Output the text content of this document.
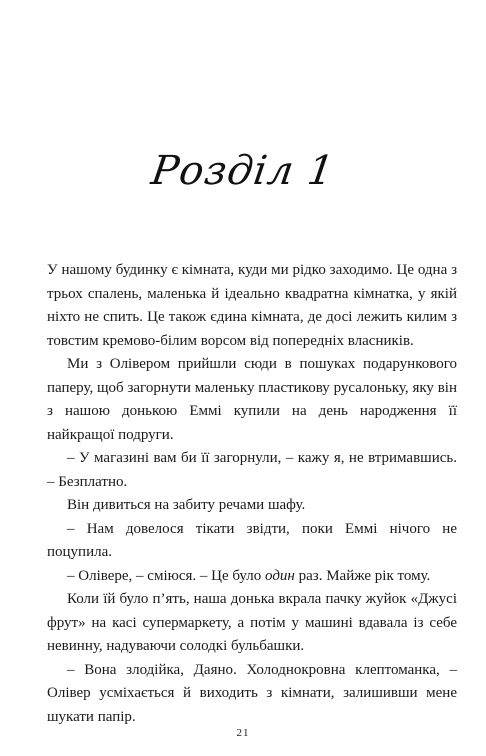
Розділ 1

У нашому будинку є кімната, куди ми рідко заходимо. Це одна з трьох спалень, маленька й ідеально квадратна кімнатка, у якій ніхто не спить. Це також єдина кімната, де досі лежить килим з товстим кремово-білим ворсом від попередніх власників.

Ми з Олівером прийшли сюди в пошуках подарункового паперу, щоб загорнути маленьку пластикову русалоньку, яку він з нашою донькою Еммі купили на день народження її найкращої подруги.

– У магазині вам би її загорнули, – кажу я, не втримавшись. – Безплатно.

Він дивиться на забиту речами шафу.

– Нам довелося тікати звідти, поки Еммі нічого не поцупила.

– Олівере, – сміюся. – Це було один раз. Майже рік тому.

Коли їй було п’ять, наша донька вкрала пачку жуйок «Джусі фрут» на касі супермаркету, а потім у машині вдавала із себе невинну, надуваючи солодкі бульбашки.

– Вона злодійка, Даяно. Холоднокровна клептоманка, – Олівер усміхається й виходить з кімнати, залишивши мене шукати папір.

21
